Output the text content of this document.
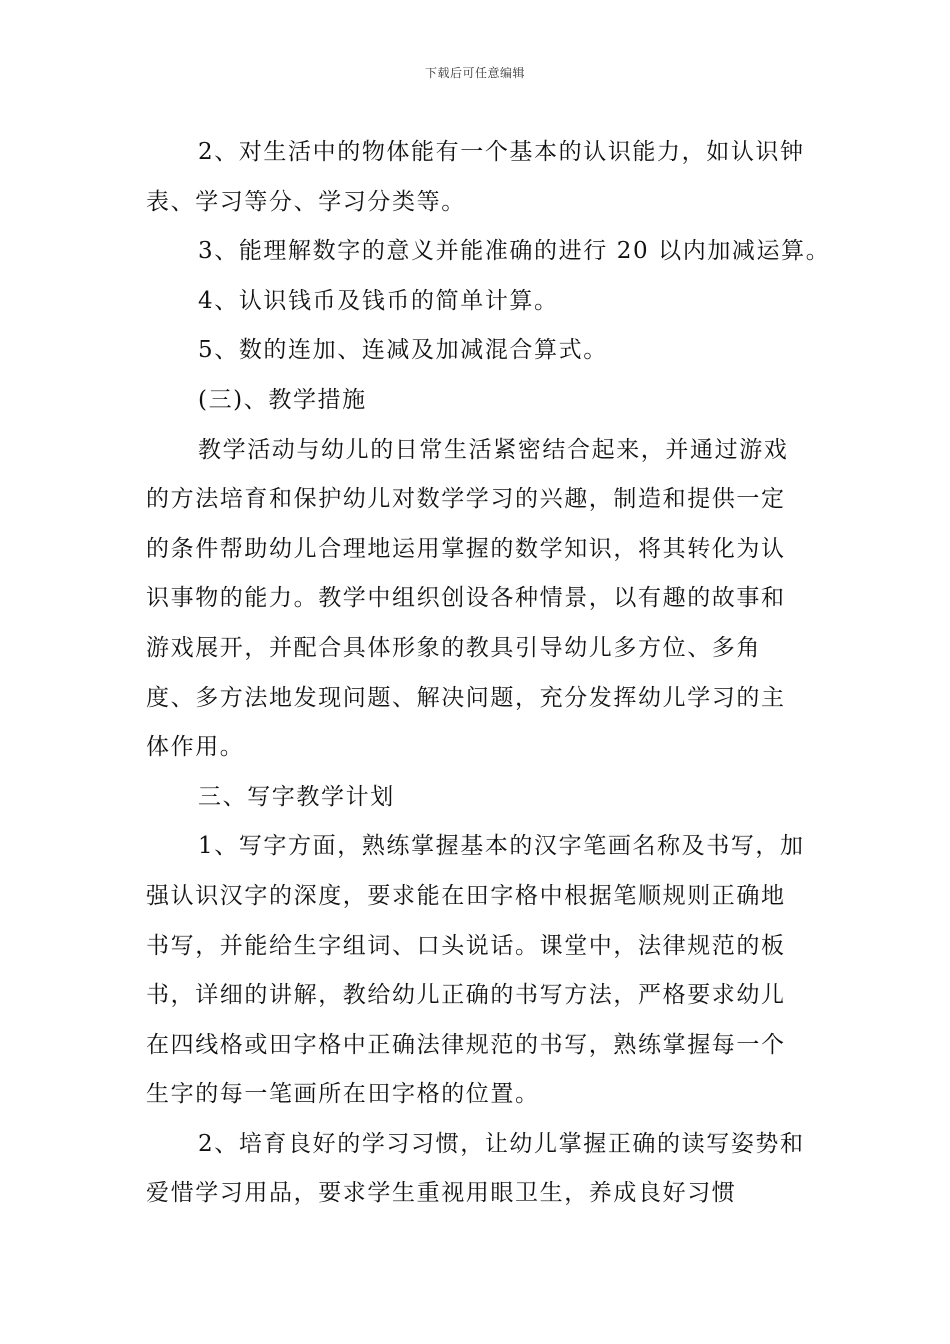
下载后可任意编辑

2、对生活中的物体能有一个基本的认识能力，如认识钟表、学习等分、学习分类等。

3、能理解数字的意义并能准确的进行 20 以内加减运算。

4、认识钱币及钱币的简单计算。

5、数的连加、连减及加减混合算式。

(三)、教学措施

教学活动与幼儿的日常生活紧密结合起来，并通过游戏的方法培育和保护幼儿对数学学习的兴趣，制造和提供一定的条件帮助幼儿合理地运用掌握的数学知识，将其转化为认识事物的能力。教学中组织创设各种情景，以有趣的故事和游戏展开，并配合具体形象的教具引导幼儿多方位、多角度、多方法地发现问题、解决问题，充分发挥幼儿学习的主体作用。

三、写字教学计划

1、写字方面，熟练掌握基本的汉字笔画名称及书写，加强认识汉字的深度，要求能在田字格中根据笔顺规则正确地书写，并能给生字组词、口头说话。课堂中，法律规范的板书，详细的讲解，教给幼儿正确的书写方法，严格要求幼儿在四线格或田字格中正确法律规范的书写，熟练掌握每一个生字的每一笔画所在田字格的位置。

2、培育良好的学习习惯，让幼儿掌握正确的读写姿势和爱惜学习用品，要求学生重视用眼卫生，养成良好习惯
